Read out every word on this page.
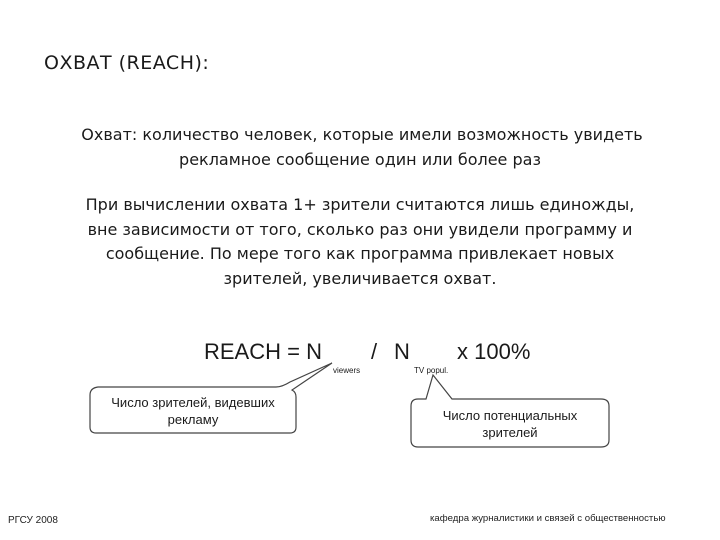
ОХВАТ (REACH):
Охват: количество человек, которые имели возможность увидеть
рекламное сообщение один или более раз
При вычислении охвата 1+ зрители считаются лишь единожды,
вне зависимости от того, сколько раз они увидели программу и
сообщение. По мере того как программа привлекает новых
зрителей, увеличивается охват.
REACH = N
viewers
/ N
TV popul.
x 100%
Число зрителей, видевших
рекламу	Число потенциальных
зрителей
РГСУ 2008	кафедра журналистики и связей с общественностью
